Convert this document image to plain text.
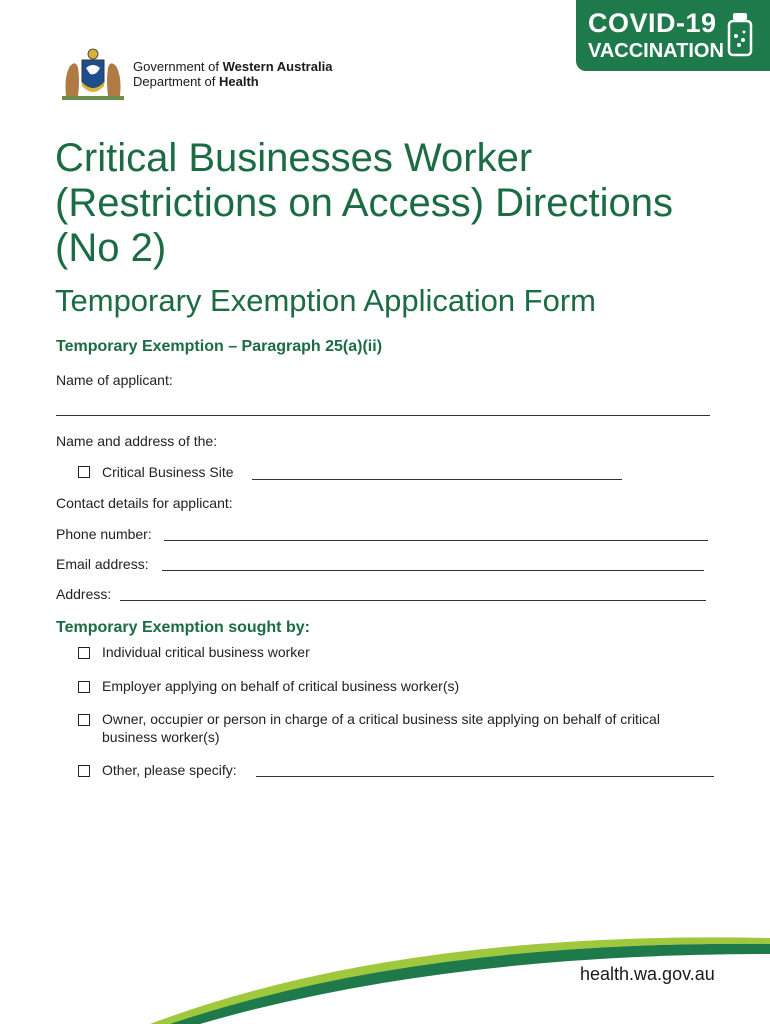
Government of Western Australia
Department of Health
COVID-19
VACCINATION
Critical Businesses Worker (Restrictions on Access) Directions (No 2)
Temporary Exemption Application Form
Temporary Exemption – Paragraph 25(a)(ii)
Name of applicant:
Name and address of the:
Critical Business Site
Contact details for applicant:
Phone number:
Email address:
Address:
Temporary Exemption sought by:
Individual critical business worker
Employer applying on behalf of critical business worker(s)
Owner, occupier or person in charge of a critical business site applying on behalf of critical business worker(s)
Other, please specify:
health.wa.gov.au
